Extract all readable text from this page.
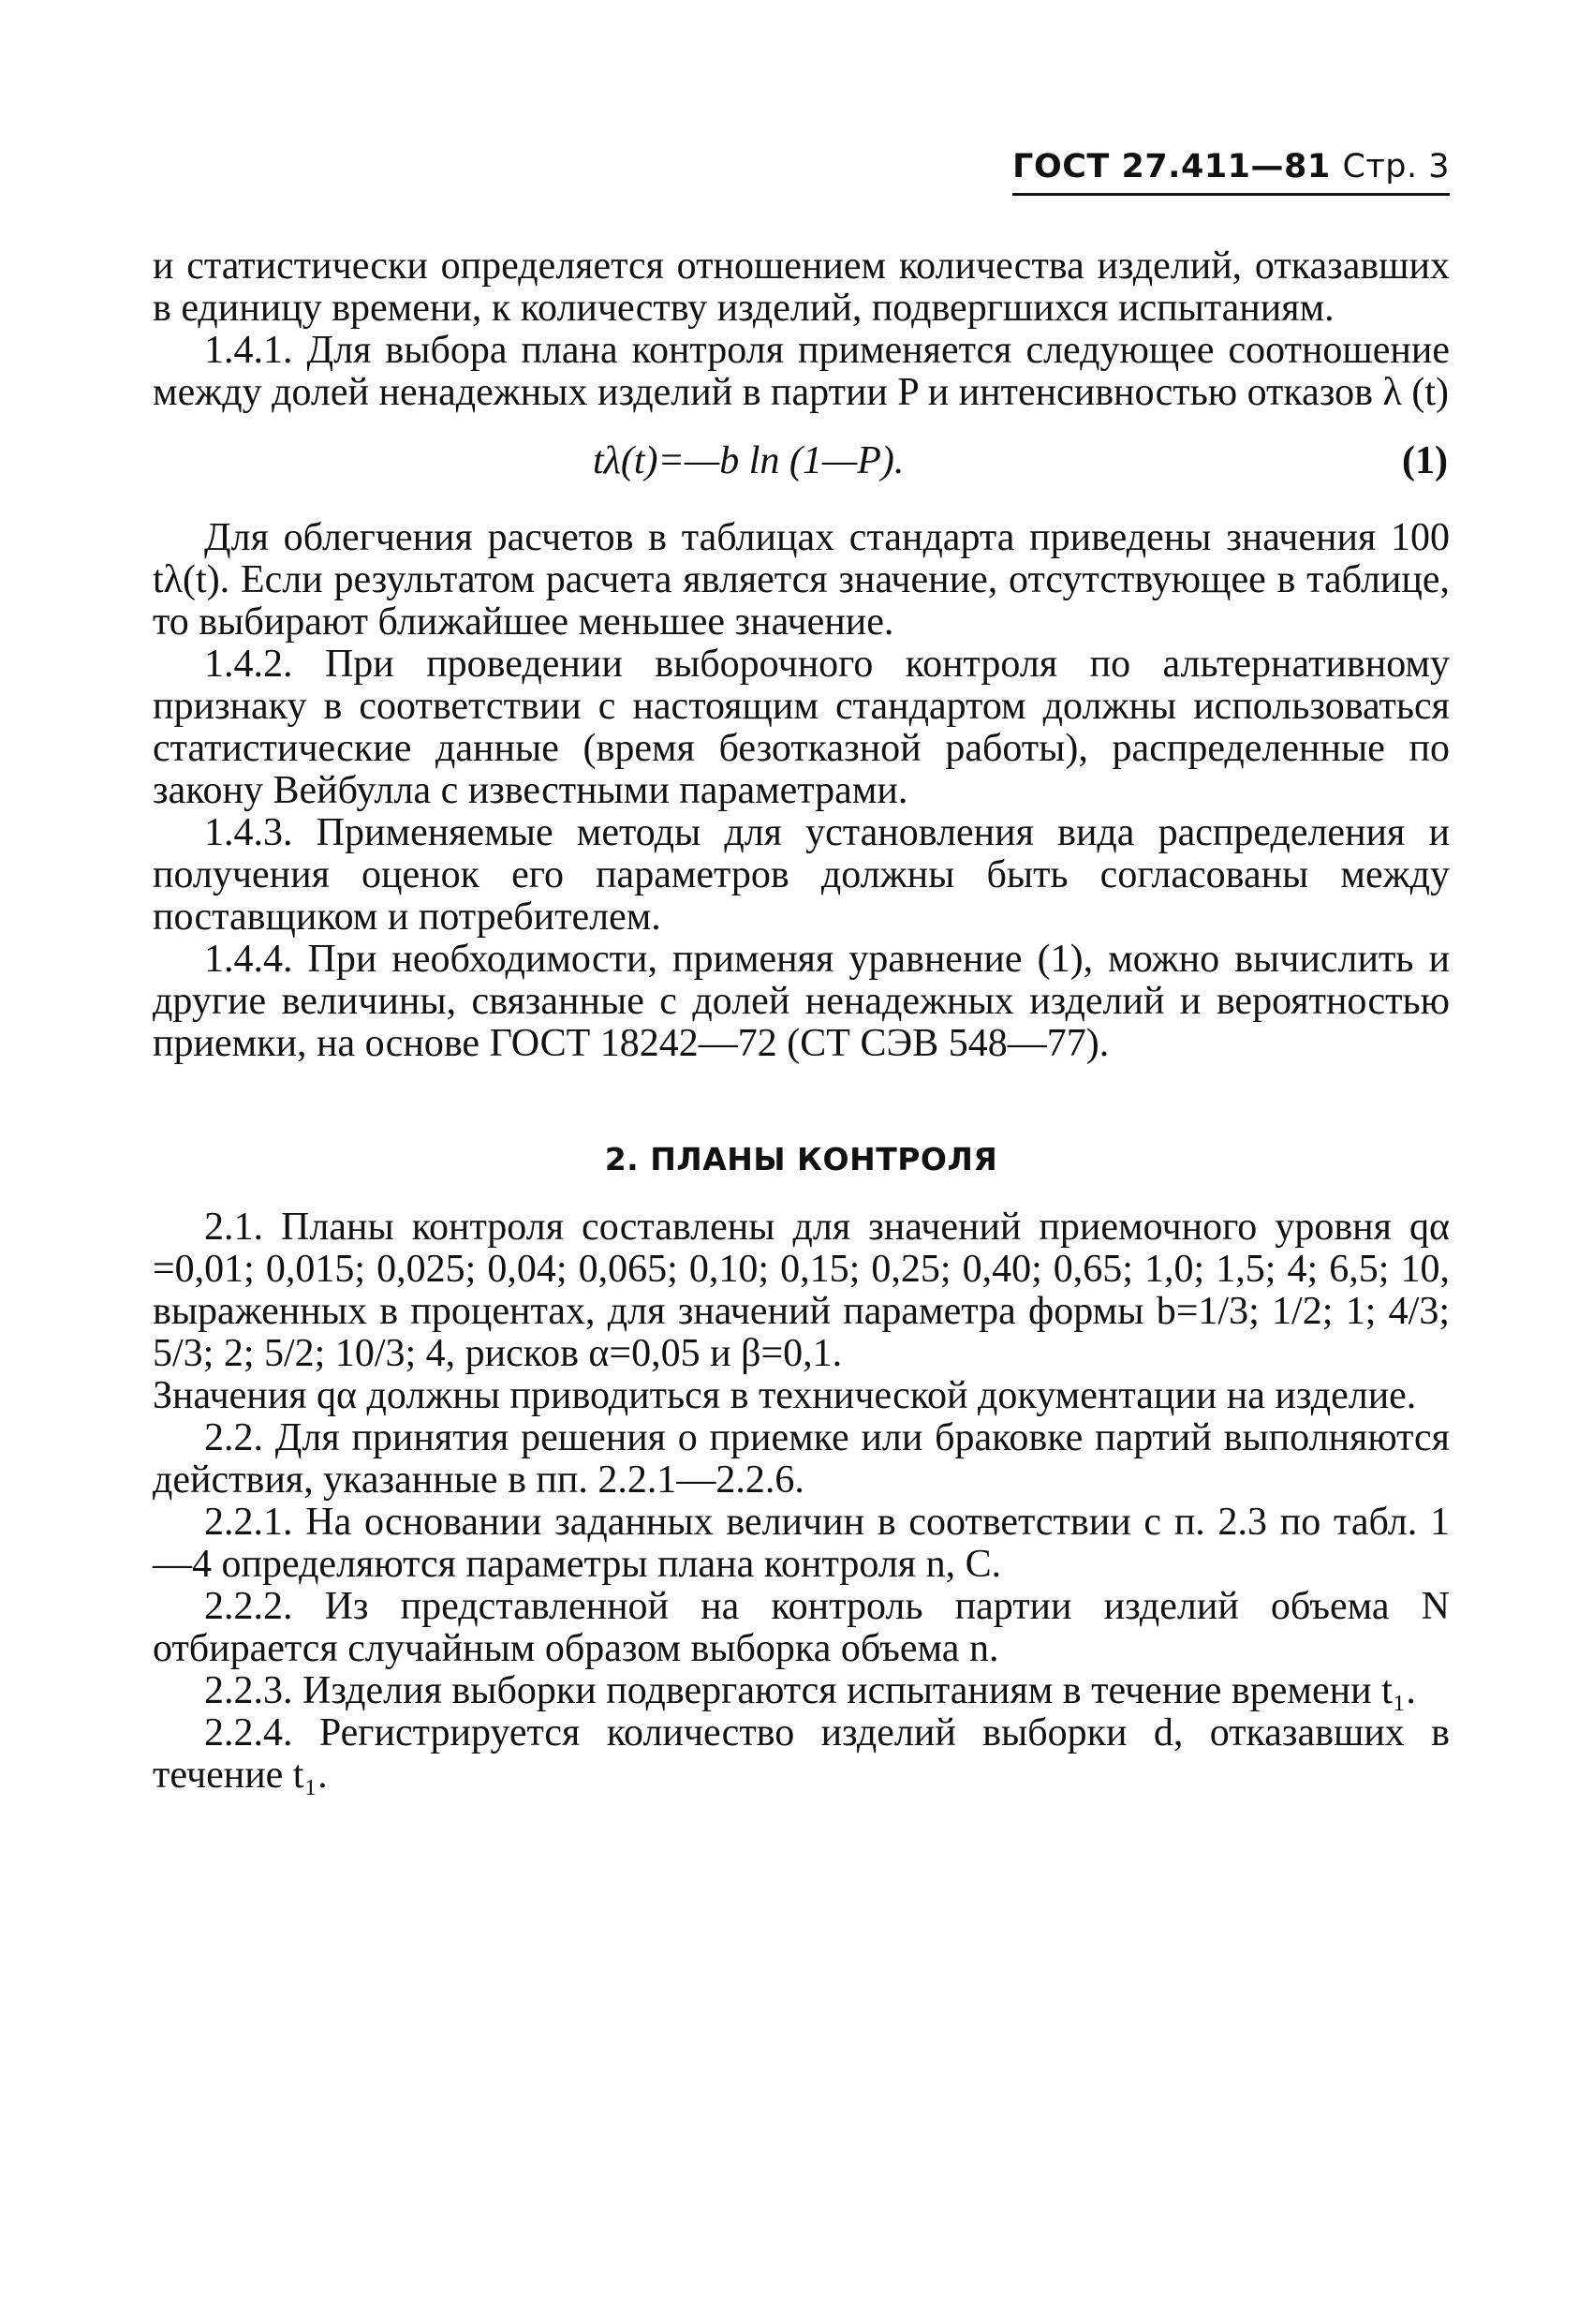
ГОСТ 27.411—81 Стр. 3

и статистически определяется отношением количества изделий, отказавших в единицу времени, к количеству изделий, подвергшихся испытаниям.

1.4.1. Для выбора плана контроля применяется следующее соотношение между долей ненадежных изделий в партии P и интенсивностью отказов λ (t)

tλ(t)=—b ln (1—P).	(1)

Для облегчения расчетов в таблицах стандарта приведены значения 100 tλ(t). Если результатом расчета является значение, отсутствующее в таблице, то выбирают ближайшее меньшее значение.

1.4.2. При проведении выборочного контроля по альтернативному признаку в соответствии с настоящим стандартом должны использоваться статистические данные (время безотказной работы), распределенные по закону Вейбулла с известными параметрами.

1.4.3. Применяемые методы для установления вида распределения и получения оценок его параметров должны быть согласованы между поставщиком и потребителем.

1.4.4. При необходимости, применяя уравнение (1), можно вычислить и другие величины, связанные с долей ненадежных изделий и вероятностью приемки, на основе ГОСТ 18242—72 (СТ СЭВ 548—77).

2. ПЛАНЫ КОНТРОЛЯ

2.1. Планы контроля составлены для значений приемочного уровня qα =0,01; 0,015; 0,025; 0,04; 0,065; 0,10; 0,15; 0,25; 0,40; 0,65; 1,0; 1,5; 4; 6,5; 10, выраженных в процентах, для значений параметра формы b=1/3; 1/2; 1; 4/3; 5/3; 2; 5/2; 10/3; 4, рисков α=0,05 и β=0,1.

Значения qα должны приводиться в технической документации на изделие.

2.2. Для принятия решения о приемке или браковке партий выполняются действия, указанные в пп. 2.2.1—2.2.6.

2.2.1. На основании заданных величин в соответствии с п. 2.3 по табл. 1—4 определяются параметры плана контроля n, C.

2.2.2. Из представленной на контроль партии изделий объема N отбирается случайным образом выборка объема n.

2.2.3. Изделия выборки подвергаются испытаниям в течение времени t₁.

2.2.4. Регистрируется количество изделий выборки d, отказавших в течение t₁.
